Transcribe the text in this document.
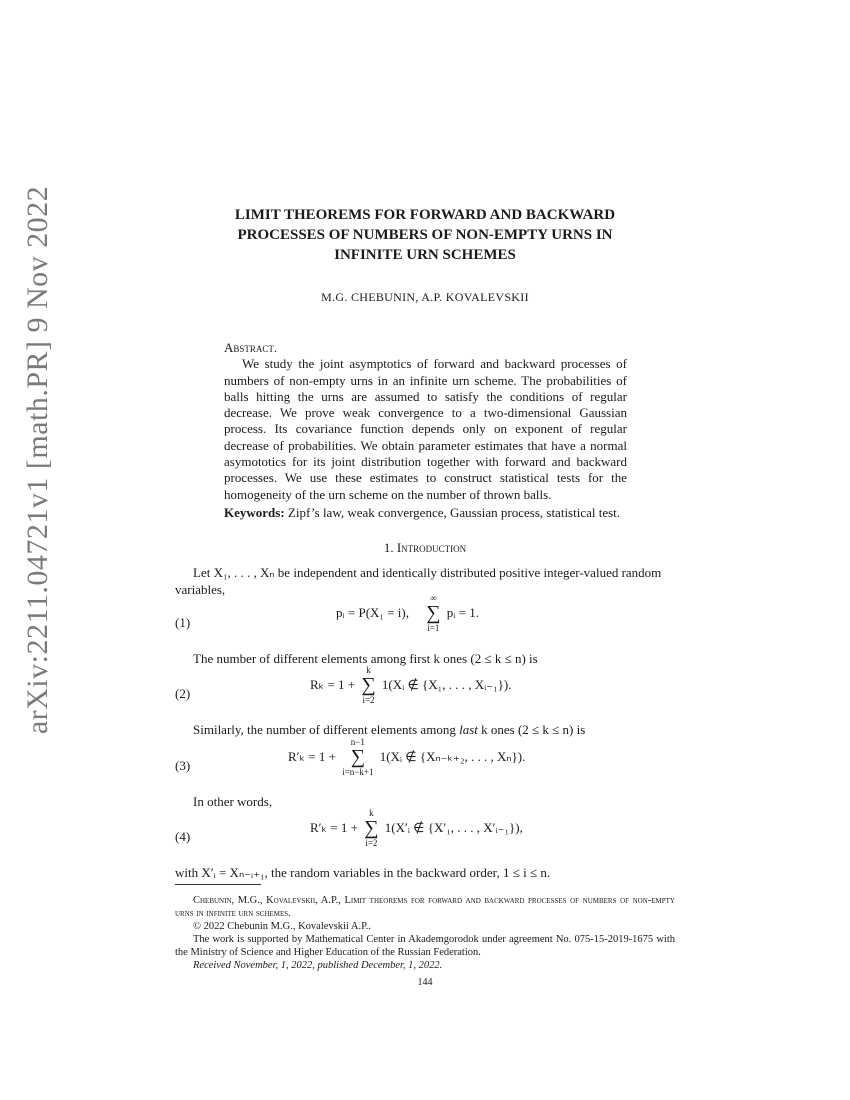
arXiv:2211.04721v1 [math.PR] 9 Nov 2022	LIMIT THEOREMS FOR FORWARD AND BACKWARD
PROCESSES OF NUMBERS OF NON-EMPTY URNS IN
INFINITE URN SCHEMES
M.G. CHEBUNIN, A.P. KOVALEVSKII
Abstract.

We study the joint asymptotics of forward and backward processes of numbers of non-empty urns in an infinite urn scheme. The probabilities of balls hitting the urns are assumed to satisfy the conditions of regular decrease. We prove weak convergence to a two-dimensional Gaussian process. Its covariance function depends only on exponent of regular decrease of probabilities. We obtain parameter estimates that have a normal asymototics for its joint distribution together with forward and backward processes. We use these estimates to construct statistical tests for the homogeneity of the urn scheme on the number of thrown balls.

Keywords: Zipf’s law, weak convergence, Gaussian process, statistical test.
1. Introduction
Let X₁, . . . , Xₙ be independent and identically distributed positive integer-valued random variables,
(1)
pᵢ = P(X₁ = i),
∞
∑
i=1
pᵢ = 1.
The number of different elements among first k ones (2 ≤ k ≤ n) is
(2)
Rₖ = 1 +
k
∑
i=2
1(Xᵢ ∉ {X₁, . . . , Xᵢ₋₁}).
Similarly, the number of different elements among last k ones (2 ≤ k ≤ n) is
(3)
R′ₖ = 1 +
n−1
∑
i=n−k+1
1(Xᵢ ∉ {Xₙ₋ₖ₊₂, . . . , Xₙ}).
In other words,
(4)
R′ₖ = 1 +
k
∑
i=2
1(X′ᵢ ∉ {X′₁, . . . , X′ᵢ₋₁}),
with X′ᵢ = Xₙ₋ᵢ₊₁, the random variables in the backward order, 1 ≤ i ≤ n.
Chebunin, M.G., Kovalevskii, A.P., Limit theorems for forward and backward processes of numbers of non-empty urns in infinite urn schemes.
© 2022 Chebunin M.G., Kovalevskii A.P..
The work is supported by Mathematical Center in Akademgorodok under agreement No. 075-15-2019-1675 with the Ministry of Science and Higher Education of the Russian Federation.
Received November, 1, 2022, published December, 1, 2022.
144
